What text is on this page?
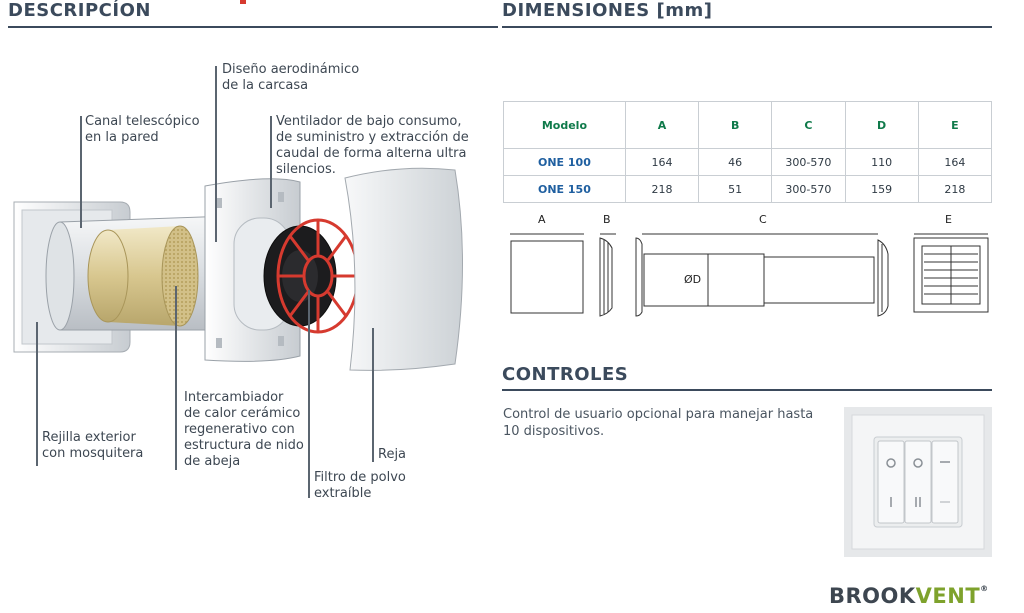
DESCRIPCÍON	DIMENSIONES [mm]
Diseño aerodinámico
de la carcasa
Canal telescópico
en la pared
Ventilador de bajo consumo,
de suministro y extracción de
caudal de forma alterna ultra
silencios.
Intercambiador
de calor cerámico
regenerativo con
estructura de nido
de abeja
Rejilla exterior
con mosquitera	Reja
Filtro de polvo
extraíble
Modelo	A	B	C	D	E
ONE 100	164	46	300-570	110	164
ONE 150	218	51	300-570	159	218
A	B	C	E
ØD
CONTROLES
Control de usuario opcional para manejar hasta 10 dispositivos.
BROOKVENT®
